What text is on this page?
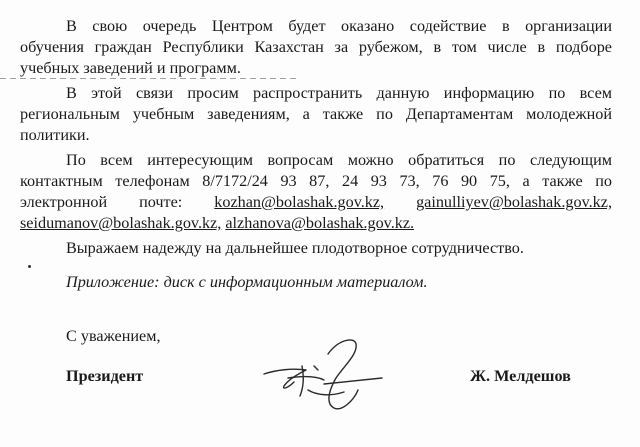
В свою очередь Центром будет оказано содействие в организации
обучения граждан Республики Казахстан за рубежом, в том числе в подборе
учебных заведений и программ.
В этой связи просим распространить данную информацию по всем
региональным учебным заведениям, а также по Департаментам молодежной
политики.
По всем интересующим вопросам можно обратиться по следующим
контактным телефонам 8/7172/24 93 87, 24 93 73, 76 90 75, а также по
электронной почте: kozhan@bolashak.gov.kz, gainulliyev@bolashak.gov.kz,
seidumanov@bolashak.gov.kz, alzhanova@bolashak.gov.kz.
Выражаем надежду на дальнейшее плодотворное сотрудничество.
Приложение: диск с информационным материалом.
С уважением,
Президент	Ж. Мелдешов
